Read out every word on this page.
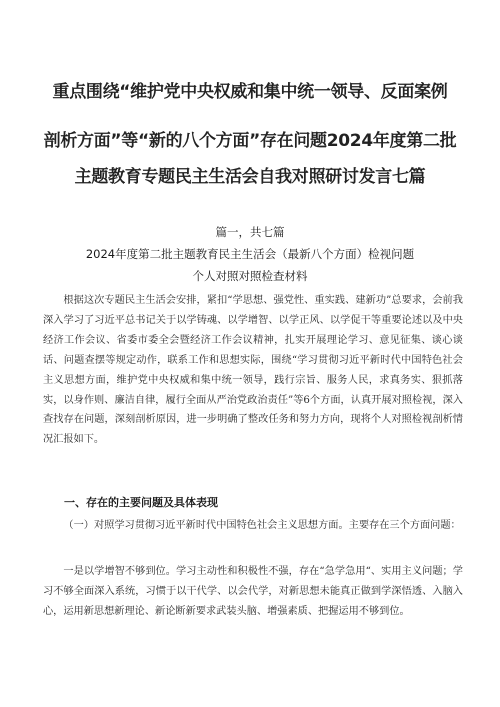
重点围绕“维护党中央权威和集中统一领导、反面案例
剖析方面”等“新的八个方面”存在问题2024年度第二批
主题教育专题民主生活会自我对照研讨发言七篇
篇一，共七篇
2024年度第二批主题教育民主生活会（最新八个方面）检视问题
个人对照对照检查材料

根据这次专题民主生活会安排，紧扣“学思想、强党性、重实践、建新功”总要求，会前我深入学习了习近平总书记关于以学铸魂、以学增智、以学正风、以学促干等重要论述以及中央经济工作会议、省委市委全会暨经济工作会议精神，扎实开展理论学习、意见征集、谈心谈话、问题查摆等规定动作，联系工作和思想实际，围绕“学习贯彻习近平新时代中国特色社会主义思想方面，维护党中央权威和集中统一领导，践行宗旨、服务人民，求真务实、狠抓落实，以身作则、廉洁自律，履行全面从严治党政治责任”等6个方面，认真开展对照检视，深入查找存在问题，深刻剖析原因，进一步明确了整改任务和努力方向，现将个人对照检视剖析情况汇报如下。

一、存在的主要问题及具体表现

（一）对照学习贯彻习近平新时代中国特色社会主义思想方面。主要存在三个方面问题：

一是以学增智不够到位。学习主动性和积极性不强，存在“急学急用“、实用主义问题；学习不够全面深入系统，习惯于以干代学、以会代学，对新思想未能真正做到学深悟透、入脑入心，运用新思想新理论、新论断新要求武装头脑、增强素质、把握运用不够到位。
